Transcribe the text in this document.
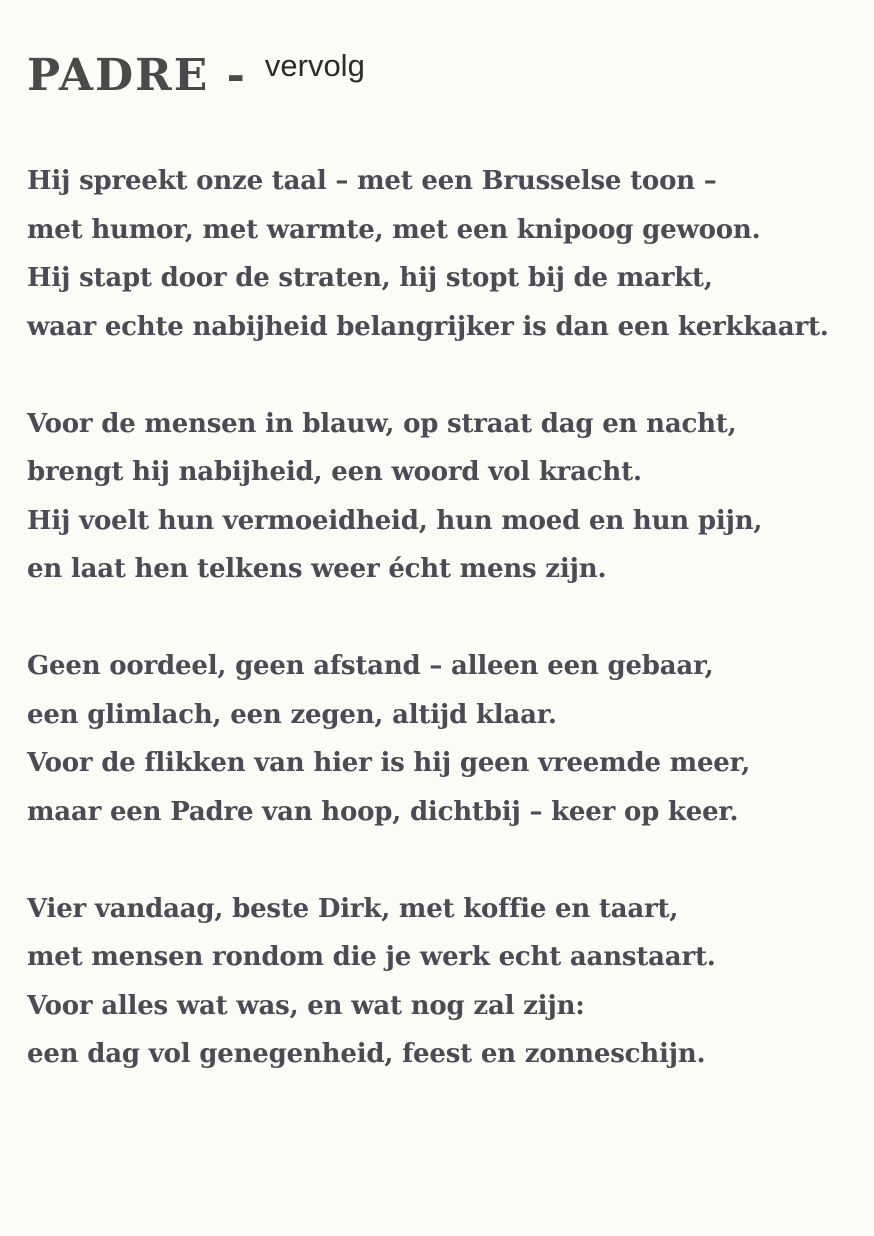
PADRE - vervolg
Hij spreekt onze taal – met een Brusselse toon –
met humor, met warmte, met een knipoog gewoon.
Hij stapt door de straten, hij stopt bij de markt,
waar echte nabijheid belangrijker is dan een kerkkaart.
Voor de mensen in blauw, op straat dag en nacht,
brengt hij nabijheid, een woord vol kracht.
Hij voelt hun vermoeidheid, hun moed en hun pijn,
en laat hen telkens weer écht mens zijn.
Geen oordeel, geen afstand – alleen een gebaar,
een glimlach, een zegen, altijd klaar.
Voor de flikken van hier is hij geen vreemde meer,
maar een Padre van hoop, dichtbij – keer op keer.
Vier vandaag, beste Dirk, met koffie en taart,
met mensen rondom die je werk echt aanstaart.
Voor alles wat was, en wat nog zal zijn:
een dag vol genegenheid, feest en zonneschijn.
